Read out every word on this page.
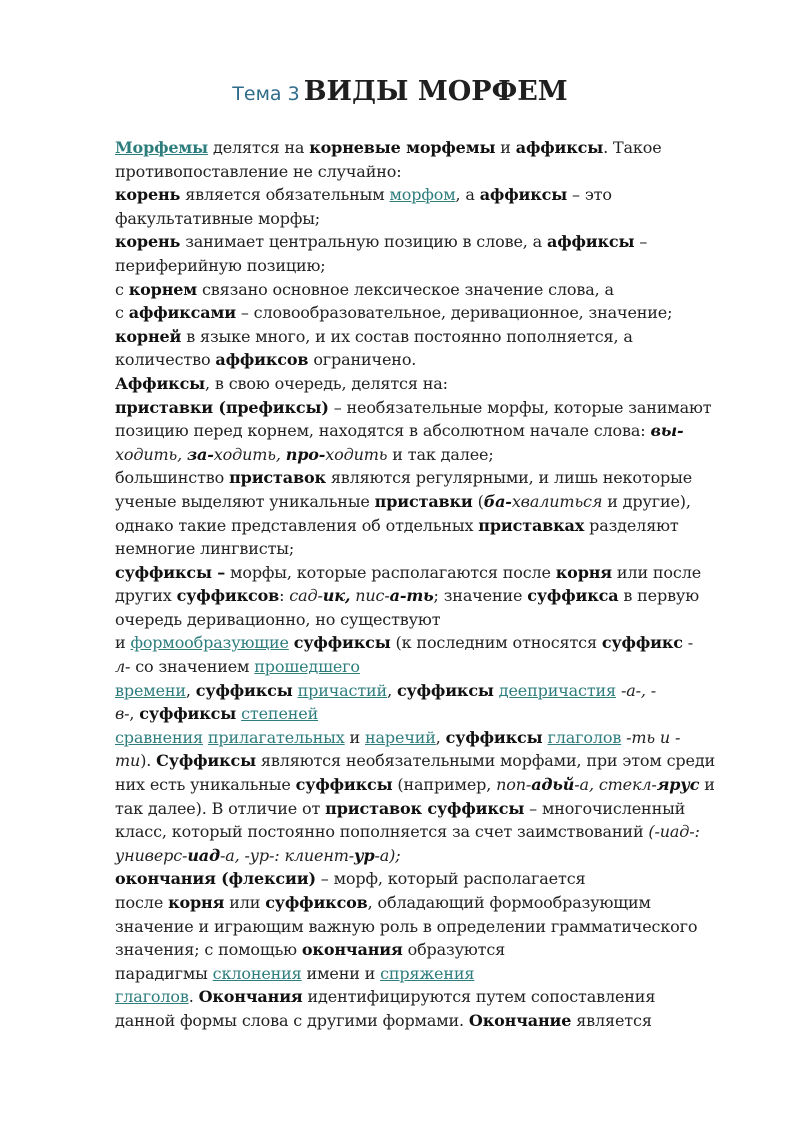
Тема 3 ВИДЫ МОРФЕМ
Морфемы делятся на корневые морфемы и аффиксы. Такое
противопоставление не случайно:
корень является обязательным морфом, а аффиксы – это
факультативные морфы;
корень занимает центральную позицию в слове, а аффиксы –
периферийную позицию;
с корнем связано основное лексическое значение слова, а
с аффиксами – словообразовательное, деривационное, значение;
корней в языке много, и их состав постоянно пополняется, а
количество аффиксов ограничено.
Аффиксы, в свою очередь, делятся на:
приставки (префиксы) – необязательные морфы, которые занимают
позицию перед корнем, находятся в абсолютном начале слова: вы-
ходить, за-ходить, про-ходить и так далее;
большинство приставок являются регулярными, и лишь некоторые
ученые выделяют уникальные приставки (ба-хвалиться и другие),
однако такие представления об отдельных приставках разделяют
немногие лингвисты;
суффиксы – морфы, которые располагаются после корня или после
других суффиксов: сад-ик, пис-а-ть; значение суффикса в первую
очередь деривационно, но существуют
и формообразующие суффиксы (к последним относятся суффикс -
л- со значением прошедшего
времени, суффиксы причастий, суффиксы деепричастия -а-, -
в-, суффиксы степеней
сравнения прилагательных и наречий, суффиксы глаголов -ть и -
ти). Суффиксы являются необязательными морфами, при этом среди
них есть уникальные суффиксы (например, поп-адьй-а, стекл-ярус и
так далее). В отличие от приставок суффиксы – многочисленный
класс, который постоянно пополняется за счет заимствований (-иад-:
универс-иад-а, -ур-: клиент-ур-а);
окончания (флексии) – морф, который располагается
после корня или суффиксов, обладающий формообразующим
значение и играющим важную роль в определении грамматического
значения; с помощью окончания образуются
парадигмы склонения имени и спряжения
глаголов. Окончания идентифицируются путем сопоставления
данной формы слова с другими формами. Окончание является
